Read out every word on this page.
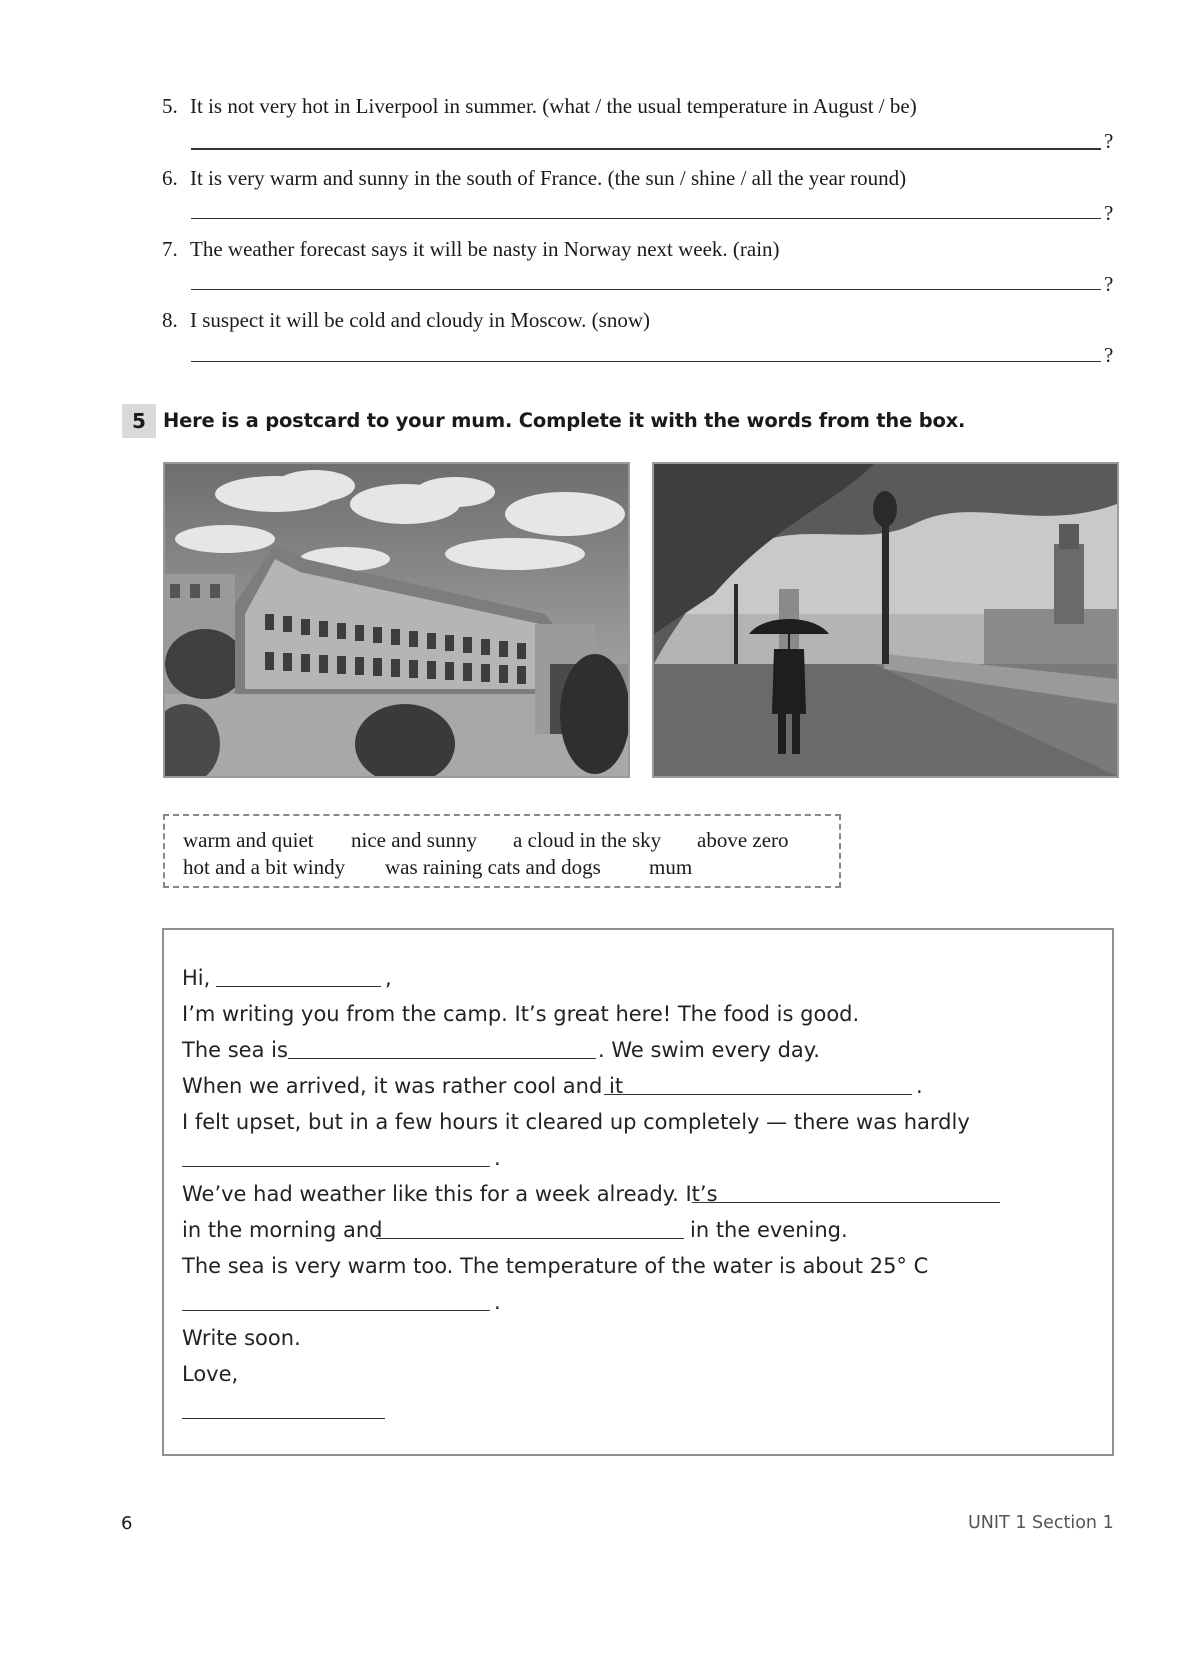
5. It is not very hot in Liverpool in summer. (what / the usual temperature in August / be)
?
6. It is very warm and sunny in the south of France. (the sun / shine / all the year round)
?
7. The weather forecast says it will be nasty in Norway next week. (rain)
?
8. I suspect it will be cold and cloudy in Moscow. (snow)
?
5 Here is a postcard to your mum. Complete it with the words from the box.
warm and quiet nice and sunny a cloud in the sky above zero
hot and a bit windy was raining cats and dogs mum
Hi,	,
I’m writing you from the camp. It’s great here! The food is good.
The sea is	. We swim every day.
When we arrived, it was rather cool and it	.
I felt upset, but in a few hours it cleared up completely — there was hardly
.
We’ve had weather like this for a week already. It’s
in the morning and	in the evening.
The sea is very warm too. The temperature of the water is about 25° C
.
Write soon.
Love,
6	UNIT 1 Section 1
